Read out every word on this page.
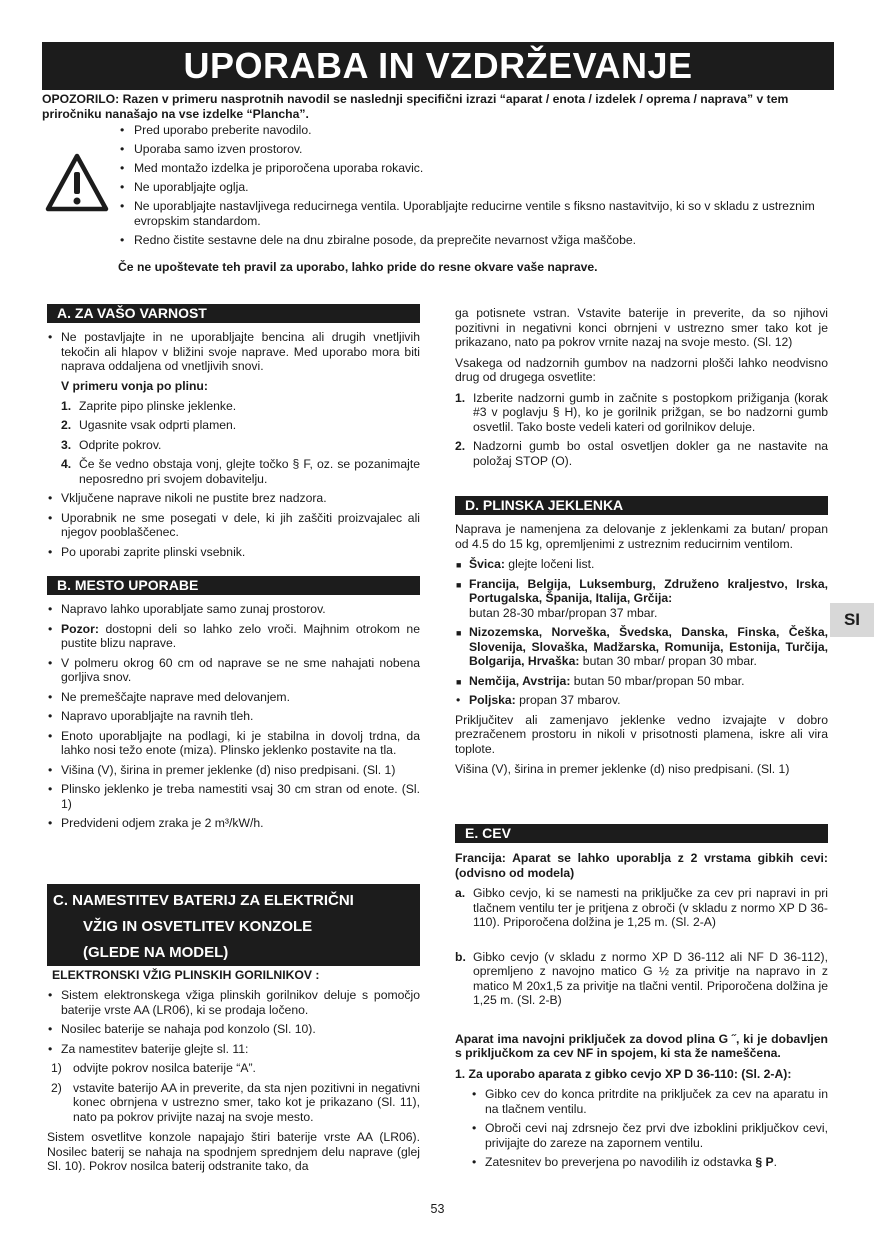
UPORABA IN VZDRŽEVANJE
OPOZORILO: Razen v primeru nasprotnih navodil se naslednji specifični izrazi “aparat / enota / izdelek / oprema / naprava” v tem priročniku nanašajo na vse izdelke “Plancha”.
• Pred uporabo preberite navodilo.
• Uporaba samo izven prostorov.
• Med montažo izdelka je priporočena uporaba rokavic.
• Ne uporabljajte oglja.
• Ne uporabljajte nastavljivega reducirnega ventila. Uporabljajte reducirne ventile s fiksno nastavitvijo, ki so v skladu z ustreznim evropskim standardom.
• Redno čistite sestavne dele na dnu zbiralne posode, da preprečite nevarnost vžiga maščobe.
Če ne upoštevate teh pravil za uporabo, lahko pride do resne okvare vaše naprave.
A. ZA VAŠO VARNOST
• Ne postavljajte in ne uporabljajte bencina ali drugih vnetljivih tekočin ali hlapov v bližini svoje naprave. Med uporabo mora biti naprava oddaljena od vnetljivih snovi.
V primeru vonja po plinu:
1. Zaprite pipo plinske jeklenke.
2. Ugasnite vsak odprti plamen.
3. Odprite pokrov.
4. Če še vedno obstaja vonj, glejte točko § F, oz. se pozanimajte neposredno pri svojem dobavitelju.
• Vključene naprave nikoli ne pustite brez nadzora.
• Uporabnik ne sme posegati v dele, ki jih zaščiti proizvajalec ali njegov pooblaščenec.
• Po uporabi zaprite plinski vsebnik.
B. MESTO UPORABE
• Napravo lahko uporabljate samo zunaj prostorov.
• Pozor: dostopni deli so lahko zelo vroči. Majhnim otrokom ne pustite blizu naprave.
• V polmeru okrog 60 cm od naprave se ne sme nahajati nobena gorljiva snov.
• Ne premeščajte naprave med delovanjem.
• Napravo uporabljajte na ravnih tleh.
• Enoto uporabljajte na podlagi, ki je stabilna in dovolj trdna, da lahko nosi težo enote (miza). Plinsko jeklenko postavite na tla.
• Višina (V), širina in premer jeklenke (d) niso predpisani. (Sl. 1)
• Plinsko jeklenko je treba namestiti vsaj 30 cm stran od enote. (Sl. 1)
• Predvideni odjem zraka je 2 m³/kW/h.
C. NAMESTITEV BATERIJ ZA ELEKTRIČNI
VŽIG IN OSVETLITEV KONZOLE
(GLEDE NA MODEL)
ELEKTRONSKI VŽIG PLINSKIH GORILNIKOV :
• Sistem elektronskega vžiga plinskih gorilnikov deluje s pomočjo baterije vrste AA (LR06), ki se prodaja ločeno.
• Nosilec baterije se nahaja pod konzolo (Sl. 10).
• Za namestitev baterije glejte sl. 11:
1) odvijte pokrov nosilca baterije “A”.
2) vstavite baterijo AA in preverite, da sta njen pozitivni in negativni konec obrnjena v ustrezno smer, tako kot je prikazano (Sl. 11), nato pa pokrov privijte nazaj na svoje mesto.

Sistem osvetlitve konzole napajajo štiri baterije vrste AA (LR06). Nosilec baterij se nahaja na spodnjem sprednjem delu naprave (glej Sl. 10). Pokrov nosilca baterij odstranite tako, da

ga potisnete vstran. Vstavite baterije in preverite, da so njihovi pozitivni in negativni konci obrnjeni v ustrezno smer tako kot je prikazano, nato pa pokrov vrnite nazaj na svoje mesto. (Sl. 12)

Vsakega od nadzornih gumbov na nadzorni plošči lahko neodvisno drug od drugega osvetlite:

1. Izberite nadzorni gumb in začnite s postopkom prižiganja (korak #3 v poglavju § H), ko je gorilnik prižgan, se bo nadzorni gumb osvetlil. Tako boste vedeli kateri od gorilnikov deluje.
2. Nadzorni gumb bo ostal osvetljen dokler ga ne nastavite na položaj STOP (O).
D. PLINSKA JEKLENKA

Naprava je namenjena za delovanje z jeklenkami za butan/ propan od 4.5 do 15 kg, opremljenimi z ustreznim reducirnim ventilom.

■ Švica: glejte ločeni list.
■ Francija, Belgija, Luksemburg, Združeno kraljestvo, Irska, Portugalska, Španija, Italija, Grčija:
butan 28-30 mbar/propan 37 mbar.
■ Nizozemska, Norveška, Švedska, Danska, Finska, Češka, Slovenija, Slovaška, Madžarska, Romunija, Estonija, Turčija, Bolgarija, Hrvaška: butan 30 mbar/ propan 30 mbar.
■ Nemčija, Avstrija: butan 50 mbar/propan 50 mbar.
• Poljska: propan 37 mbarov.

Priključitev ali zamenjavo jeklenke vedno izvajajte v dobro prezračenem prostoru in nikoli v prisotnosti plamena, iskre ali vira toplote.

Višina (V), širina in premer jeklenke (d) niso predpisani. (Sl. 1)

E. CEV

Francija: Aparat se lahko uporablja z 2 vrstama gibkih cevi: (odvisno od modela)

a. Gibko cevjo, ki se namesti na priključke za cev pri napravi in pri tlačnem ventilu ter je pritjena z obroči (v skladu z normo XP D 36-110). Priporočena dolžina je 1,25 m. (Sl. 2-A)
b. Gibko cevjo (v skladu z normo XP D 36-112 ali NF D 36-112), opremljeno z navojno matico G ½ za privitje na napravo in z matico M 20x1,5 za privitje na tlačni ventil. Priporočena dolžina je 1,25 m. (Sl. 2-B)

Aparat ima navojni priključek za dovod plina G ˝, ki je dobavljen s priključkom za cev NF in spojem, ki sta že nameščena.

1. Za uporabo aparata z gibko cevjo XP D 36-110: (Sl. 2-A):

• Gibko cev do konca pritrdite na priključek za cev na aparatu in na tlačnem ventilu.
• Obroči cevi naj zdrsnejo čez prvi dve izboklini priključkov cevi, privijajte do zareze na zapornem ventilu.
• Zatesnitev bo preverjena po navodilih iz odstavka § P.
SI
53
